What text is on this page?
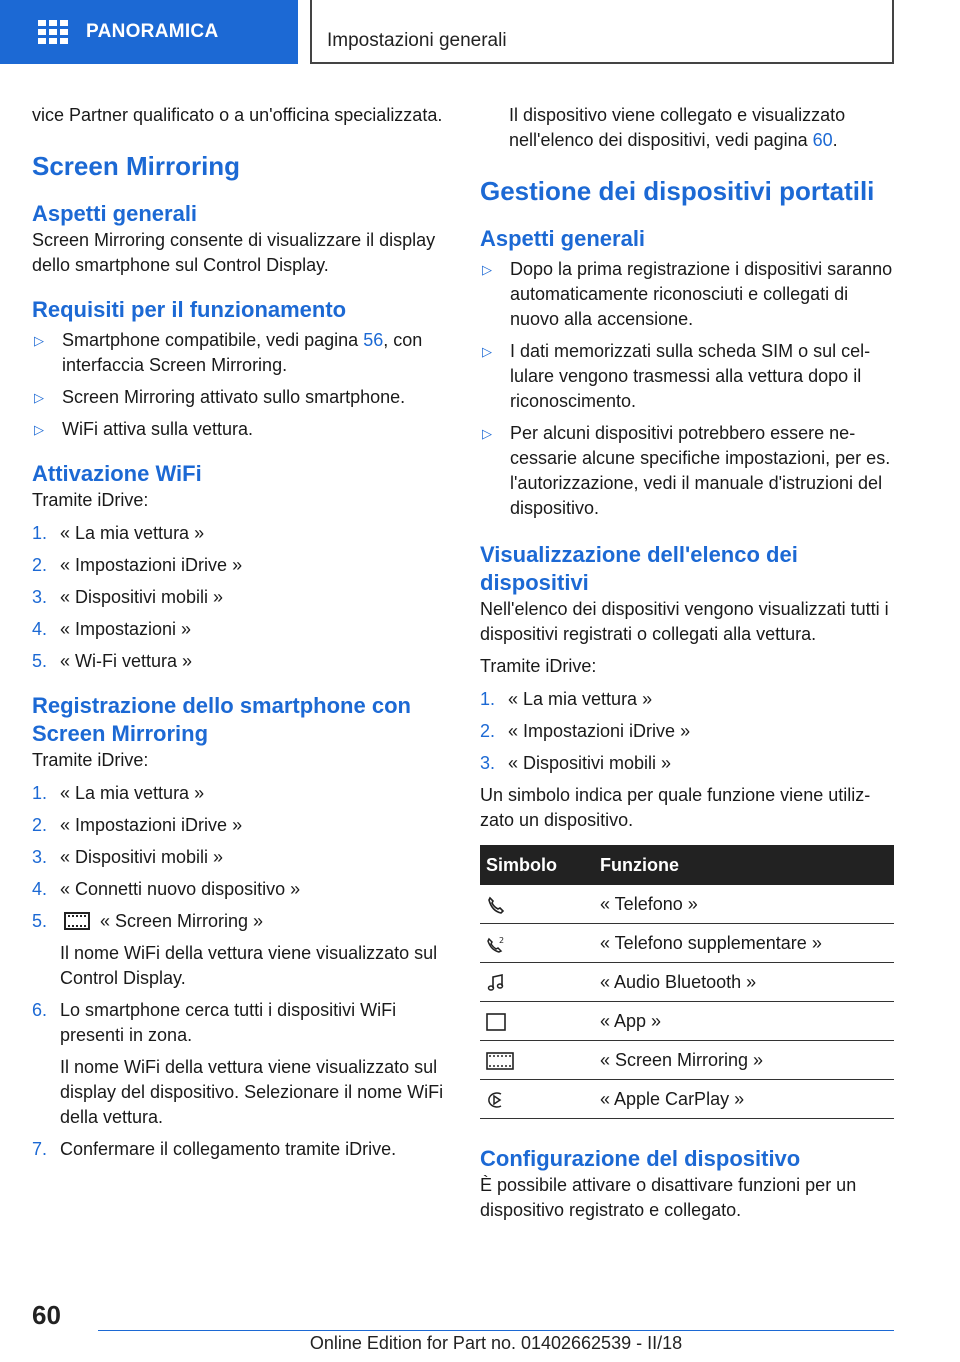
PANORAMICA	Impostazioni generali

vice Partner qualificato o a un'officina specializzata.

Screen Mirroring
Aspetti generali

Screen Mirroring consente di visualizzare il display dello smartphone sul Control Display.

Requisiti per il funzionamento
▷	Smartphone compatibile, vedi pagina 56, con interfaccia Screen Mirroring.
▷	Screen Mirroring attivato sullo smartphone.
▷	WiFi attiva sulla vettura.
Attivazione WiFi

Tramite iDrive:

1. « La mia vettura »
2. « Impostazioni iDrive »
3. « Dispositivi mobili »
4. « Impostazioni »
5. « Wi-Fi vettura »
Registrazione dello smartphone con Screen Mirroring

Tramite iDrive:

1. « La mia vettura »
2. « Impostazioni iDrive »
3. « Dispositivi mobili »
4. « Connetti nuovo dispositivo »
5.	« Screen Mirroring »

Il nome WiFi della vettura viene visualizzato sul Control Display.

6. Lo smartphone cerca tutti i dispositivi WiFi presenti in zona.

Il nome WiFi della vettura viene visualizzato sul display del dispositivo. Selezionare il nome WiFi della vettura.

7. Confermare il collegamento tramite iDrive.

Il dispositivo viene collegato e visualizzato nell'elenco dei dispositivi, vedi pagina 60.

Gestione dei dispositivi portatili
Aspetti generali
▷	Dopo la prima registrazione i dispositivi saranno automaticamente riconosciuti e collegati di nuovo alla accensione.
▷	I dati memorizzati sulla scheda SIM o sul cellulare vengono trasmessi alla vettura dopo il riconoscimento.
▷	Per alcuni dispositivi potrebbero essere necessarie alcune specifiche impostazioni, per es. l'autorizzazione, vedi il manuale d'istruzioni del dispositivo.
Visualizzazione dell'elenco dei dispositivi

Nell'elenco dei dispositivi vengono visualizzati tutti i dispositivi registrati o collegati alla vettura.

Tramite iDrive:

1. « La mia vettura »
2. « Impostazioni iDrive »
3. « Dispositivi mobili »

Un simbolo indica per quale funzione viene utilizzato un dispositivo.

Simbolo	Funzione
	« Telefono »

2	« Telefono supplementare »
	« Audio Bluetooth »
	« App »
	« Screen Mirroring »
	« Apple CarPlay »
Configurazione del dispositivo

È possibile attivare o disattivare funzioni per un dispositivo registrato e collegato.

60
Online Edition for Part no. 01402662539 - II/18
